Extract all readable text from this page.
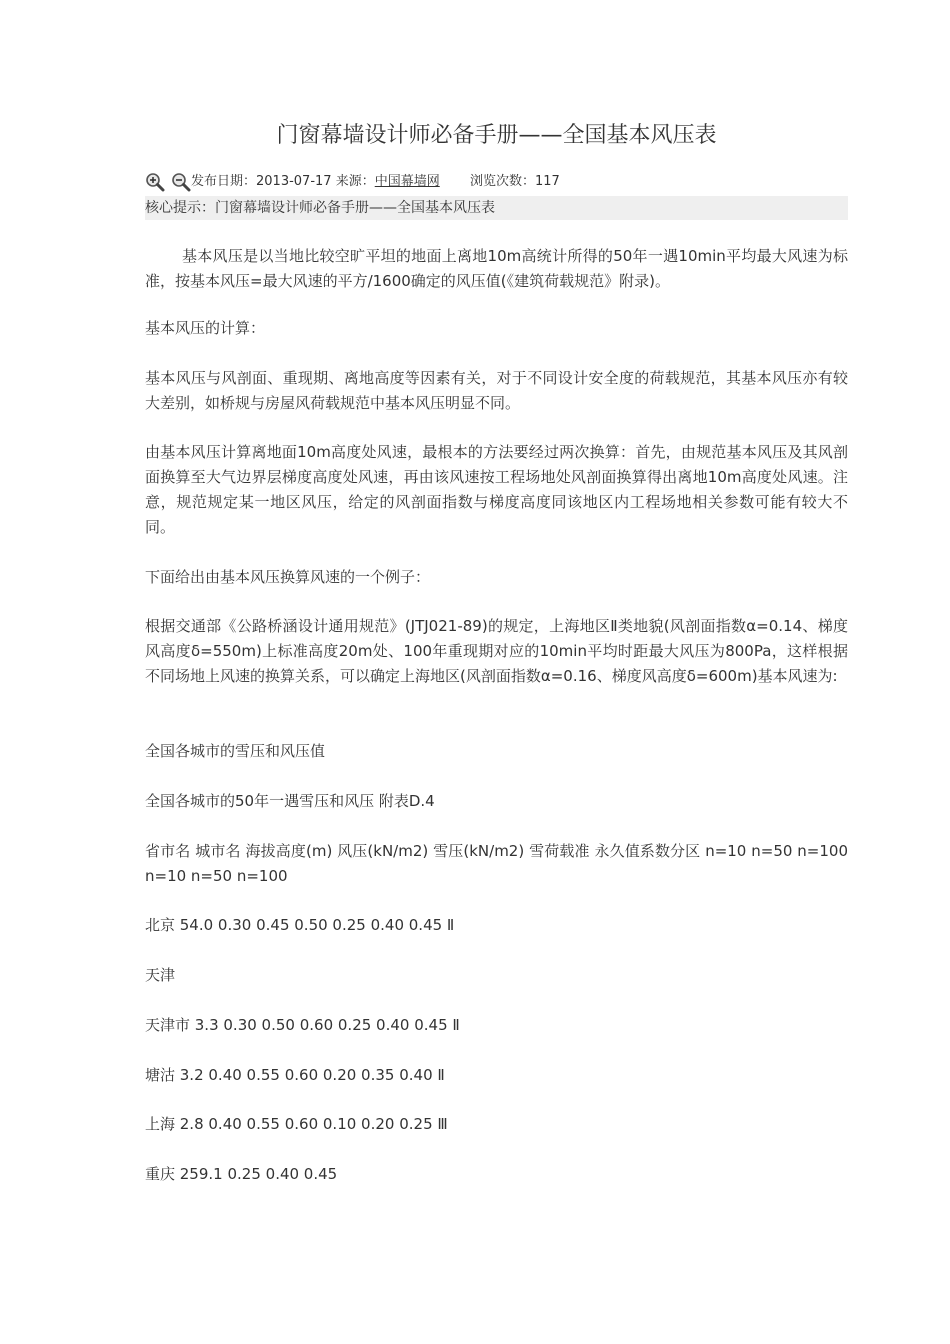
门窗幕墙设计师必备手册——全国基本风压表
发布日期：2013-07-17 来源：中国幕墙网 浏览次数：117
核心提示：门窗幕墙设计师必备手册——全国基本风压表

基本风压是以当地比较空旷平坦的地面上离地10m高统计所得的50年一遇10min平均最大风速为标准，按基本风压=最大风速的平方/1600确定的风压值(《建筑荷载规范》附录)。

基本风压的计算：

基本风压与风剖面、重现期、离地高度等因素有关，对于不同设计安全度的荷载规范，其基本风压亦有较大差别，如桥规与房屋风荷载规范中基本风压明显不同。

由基本风压计算离地面10m高度处风速，最根本的方法要经过两次换算：首先，由规范基本风压及其风剖面换算至大气边界层梯度高度处风速，再由该风速按工程场地处风剖面换算得出离地10m高度处风速。注意，规范规定某一地区风压，给定的风剖面指数与梯度高度同该地区内工程场地相关参数可能有较大不同。

下面给出由基本风压换算风速的一个例子：

根据交通部《公路桥涵设计通用规范》(JTJ021-89)的规定，上海地区Ⅱ类地貌(风剖面指数α=0.14、梯度风高度δ=550m)上标准高度20m处、100年重现期对应的10min平均时距最大风压为800Pa，这样根据不同场地上风速的换算关系，可以确定上海地区(风剖面指数α=0.16、梯度风高度δ=600m)基本风速为:

全国各城市的雪压和风压值

全国各城市的50年一遇雪压和风压 附表D.4

省市名 城市名 海拔高度(m) 风压(kN/m2) 雪压(kN/m2) 雪荷载准 永久值系数分区 n=10 n=50 n=100 n=10 n=50 n=100

北京 54.0 0.30 0.45 0.50 0.25 0.40 0.45 Ⅱ

天津

天津市 3.3 0.30 0.50 0.60 0.25 0.40 0.45 Ⅱ

塘沽 3.2 0.40 0.55 0.60 0.20 0.35 0.40 Ⅱ

上海 2.8 0.40 0.55 0.60 0.10 0.20 0.25 Ⅲ

重庆 259.1 0.25 0.40 0.45
